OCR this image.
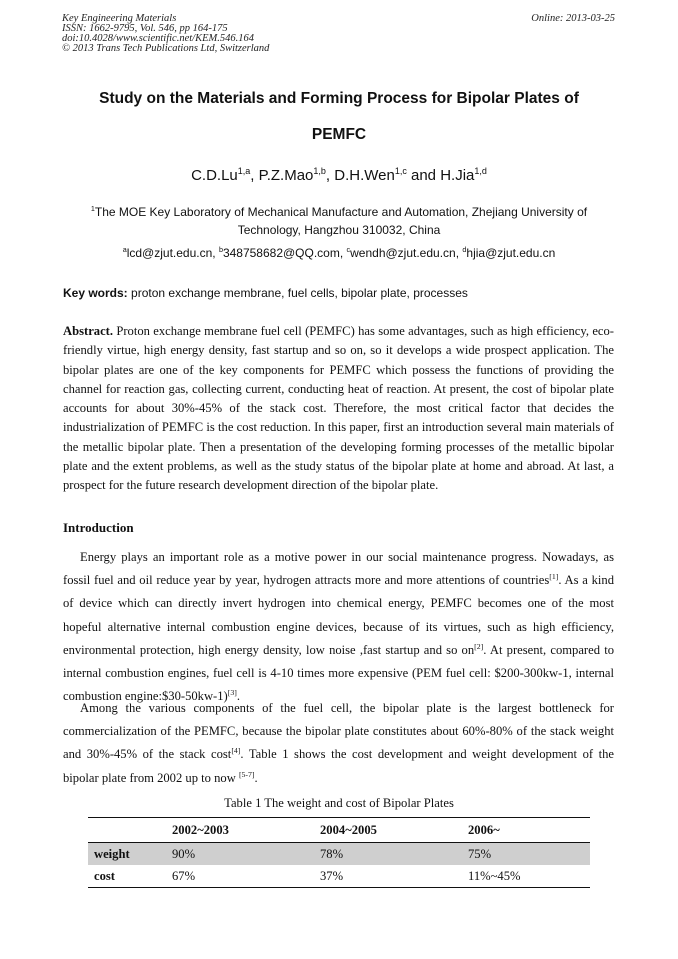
Key Engineering Materials
ISSN: 1662-9795, Vol. 546, pp 164-175
doi:10.4028/www.scientific.net/KEM.546.164
© 2013 Trans Tech Publications Ltd, Switzerland
Online: 2013-03-25
Study on the Materials and Forming Process for Bipolar Plates of
PEMFC
C.D.Lu$^{1,a}$, P.Z.Mao$^{1,b}$, D.H.Wen$^{1,c}$ and H.Jia$^{1,d}$
$^1$The MOE Key Laboratory of Mechanical Manufacture and Automation, Zhejiang University of Technology, Hangzhou 310032, China
$^a$lcd@zjut.edu.cn, $^b$348758682@QQ.com, $^c$wendh@zjut.edu.cn, $^d$hjia@zjut.edu.cn
Key words: proton exchange membrane, fuel cells, bipolar plate, processes
Abstract. Proton exchange membrane fuel cell (PEMFC) has some advantages, such as high efficiency, eco-friendly virtue, high energy density, fast startup and so on, so it develops a wide prospect application. The bipolar plates are one of the key components for PEMFC which possess the functions of providing the channel for reaction gas, collecting current, conducting heat of reaction. At present, the cost of bipolar plate accounts for about 30%-45% of the stack cost. Therefore, the most critical factor that decides the industrialization of PEMFC is the cost reduction. In this paper, first an introduction several main materials of the metallic bipolar plate. Then a presentation of the developing forming processes of the metallic bipolar plate and the extent problems, as well as the study status of the bipolar plate at home and abroad. At last, a prospect for the future research development direction of the bipolar plate.
Introduction
Energy plays an important role as a motive power in our social maintenance progress. Nowadays, as fossil fuel and oil reduce year by year, hydrogen attracts more and more attentions of countries[1]. As a kind of device which can directly invert hydrogen into chemical energy, PEMFC becomes one of the most hopeful alternative internal combustion engine devices, because of its virtues, such as high efficiency, environmental protection, high energy density, low noise ,fast startup and so on[2]. At present, compared to internal combustion engines, fuel cell is 4-10 times more expensive (PEM fuel cell: $200-300kw-1, internal combustion engine:$30-50kw-1)[3].
Among the various components of the fuel cell, the bipolar plate is the largest bottleneck for commercialization of the PEMFC, because the bipolar plate constitutes about 60%-80% of the stack weight and 30%-45% of the stack cost[4]. Table 1 shows the cost development and weight development of the bipolar plate from 2002 up to now [5-7].
Table 1 The weight and cost of Bipolar Plates
	2002~2003	2004~2005	2006~
weight	90%	78%	75%
cost	67%	37%	11%~45%
